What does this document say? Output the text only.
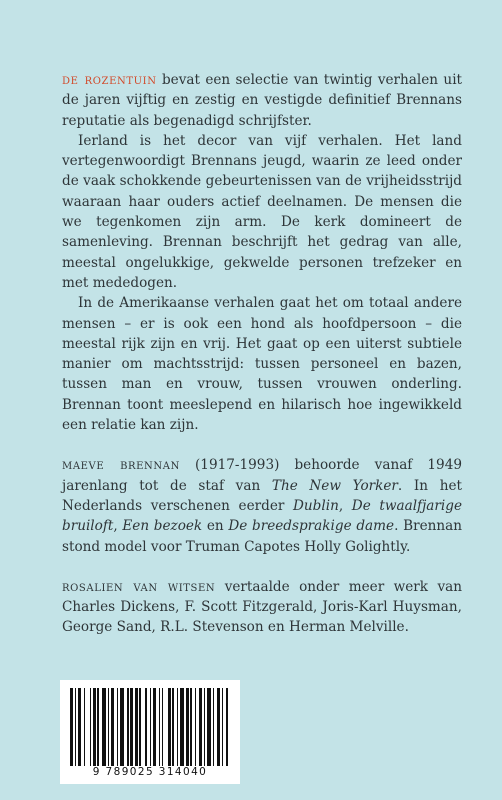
de rozentuin bevat een selectie van twintig verhalen uit de jaren vijftig en zestig en vestigde definitief Brennans reputatie als begenadigd schrijfster.

Ierland is het decor van vijf verhalen. Het land vertegenwoordigt Brennans jeugd, waarin ze leed onder de vaak schokkende gebeurtenissen van de vrijheidsstrijd waaraan haar ouders actief deelnamen. De mensen die we tegenkomen zijn arm. De kerk domineert de samenleving. Brennan beschrijft het gedrag van alle, meestal ongelukkige, gekwelde personen trefzeker en met mededogen.

In de Amerikaanse verhalen gaat het om totaal andere mensen – er is ook een hond als hoofdpersoon – die meestal rijk zijn en vrij. Het gaat op een uiterst subtiele manier om machtsstrijd: tussen personeel en bazen, tussen man en vrouw, tussen vrouwen onderling. Brennan toont meeslepend en hilarisch hoe ingewikkeld een relatie kan zijn.

maeve brennan (1917-1993) behoorde vanaf 1949 jarenlang tot de staf van The New Yorker. In het Nederlands verschenen eerder Dublin, De twaalfjarige bruiloft, Een bezoek en De breedsprakige dame. Brennan stond model voor Truman Capotes Holly Golightly.

rosalien van witsen vertaalde onder meer werk van Charles Dickens, F. Scott Fitzgerald, Joris-Karl Huysman, George Sand, R.L. Stevenson en Herman Melville.

9 789025 314040
